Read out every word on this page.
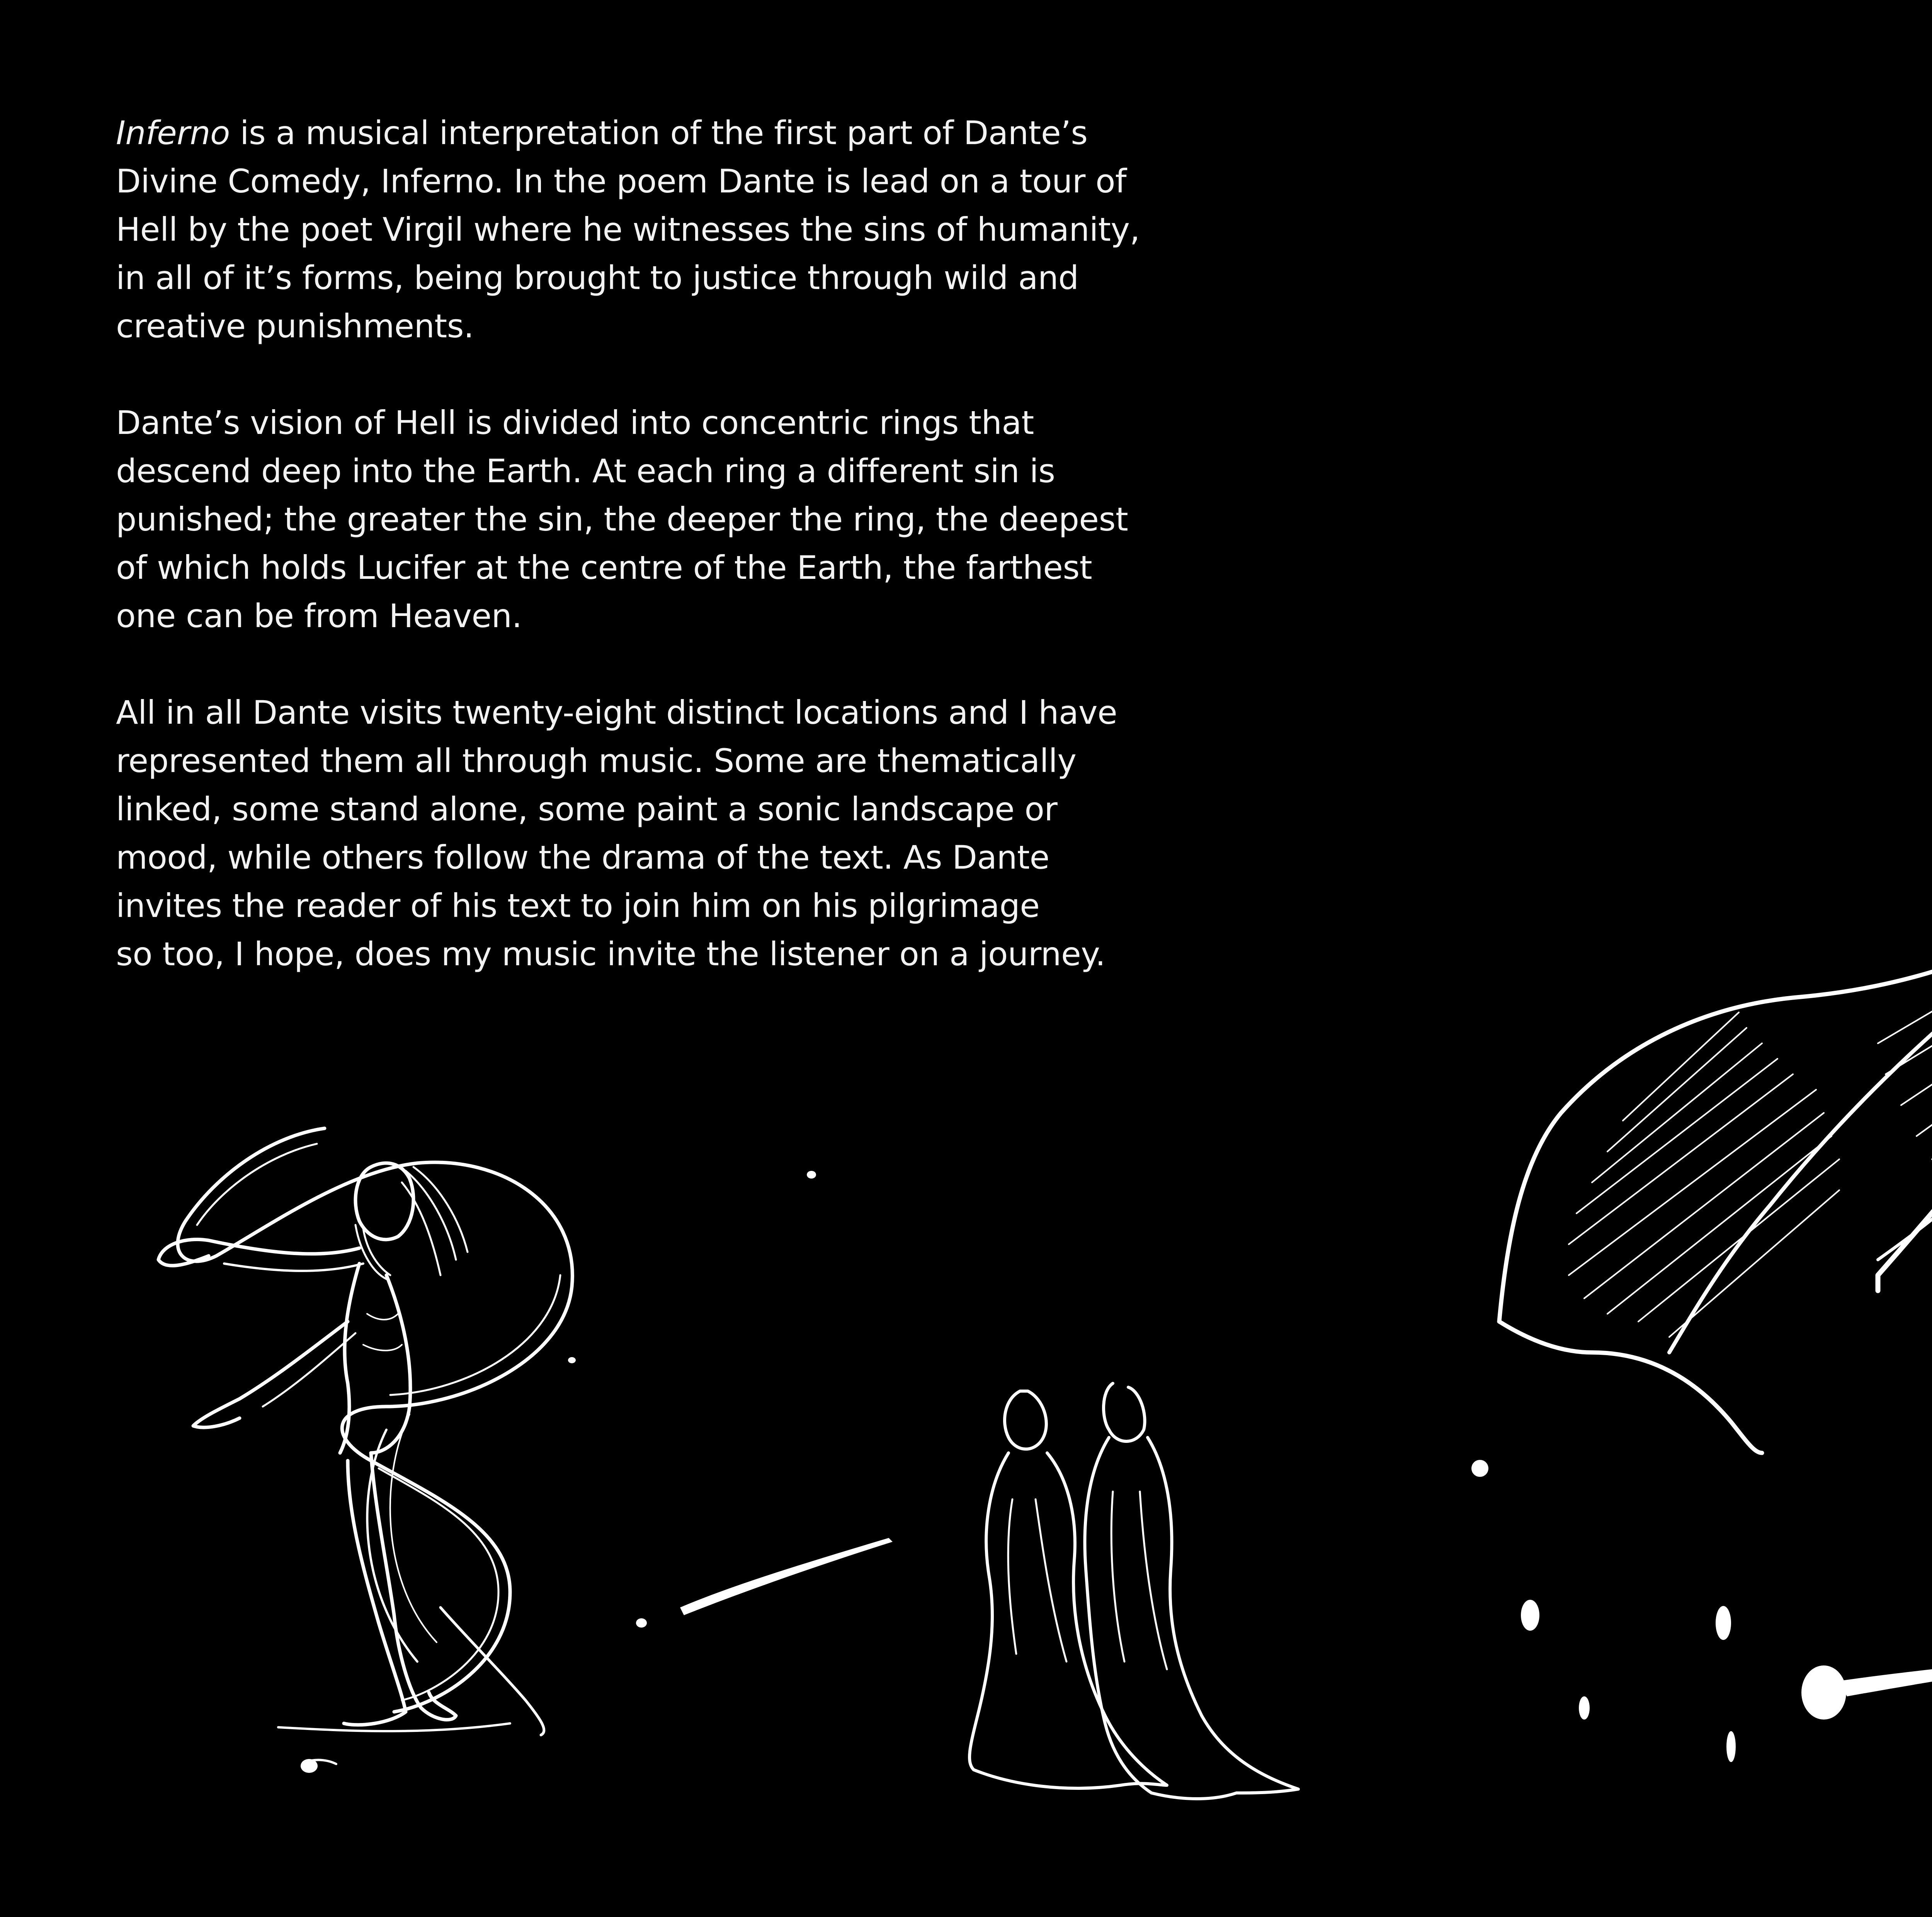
Inferno is a musical interpretation of the first part of Dante’s
Divine Comedy, Inferno. In the poem Dante is lead on a tour of
Hell by the poet Virgil where he witnesses the sins of humanity,
in all of it’s forms, being brought to justice through wild and
creative punishments.

Dante’s vision of Hell is divided into concentric rings that
descend deep into the Earth. At each ring a different sin is
punished; the greater the sin, the deeper the ring, the deepest
of which holds Lucifer at the centre of the Earth, the farthest
one can be from Heaven.

All in all Dante visits twenty-eight distinct locations and I have
represented them all through music. Some are thematically
linked, some stand alone, some paint a sonic landscape or
mood, while others follow the drama of the text. As Dante
invites the reader of his text to join him on his pilgrimage
so too, I hope, does my music invite the listener on a journey.
